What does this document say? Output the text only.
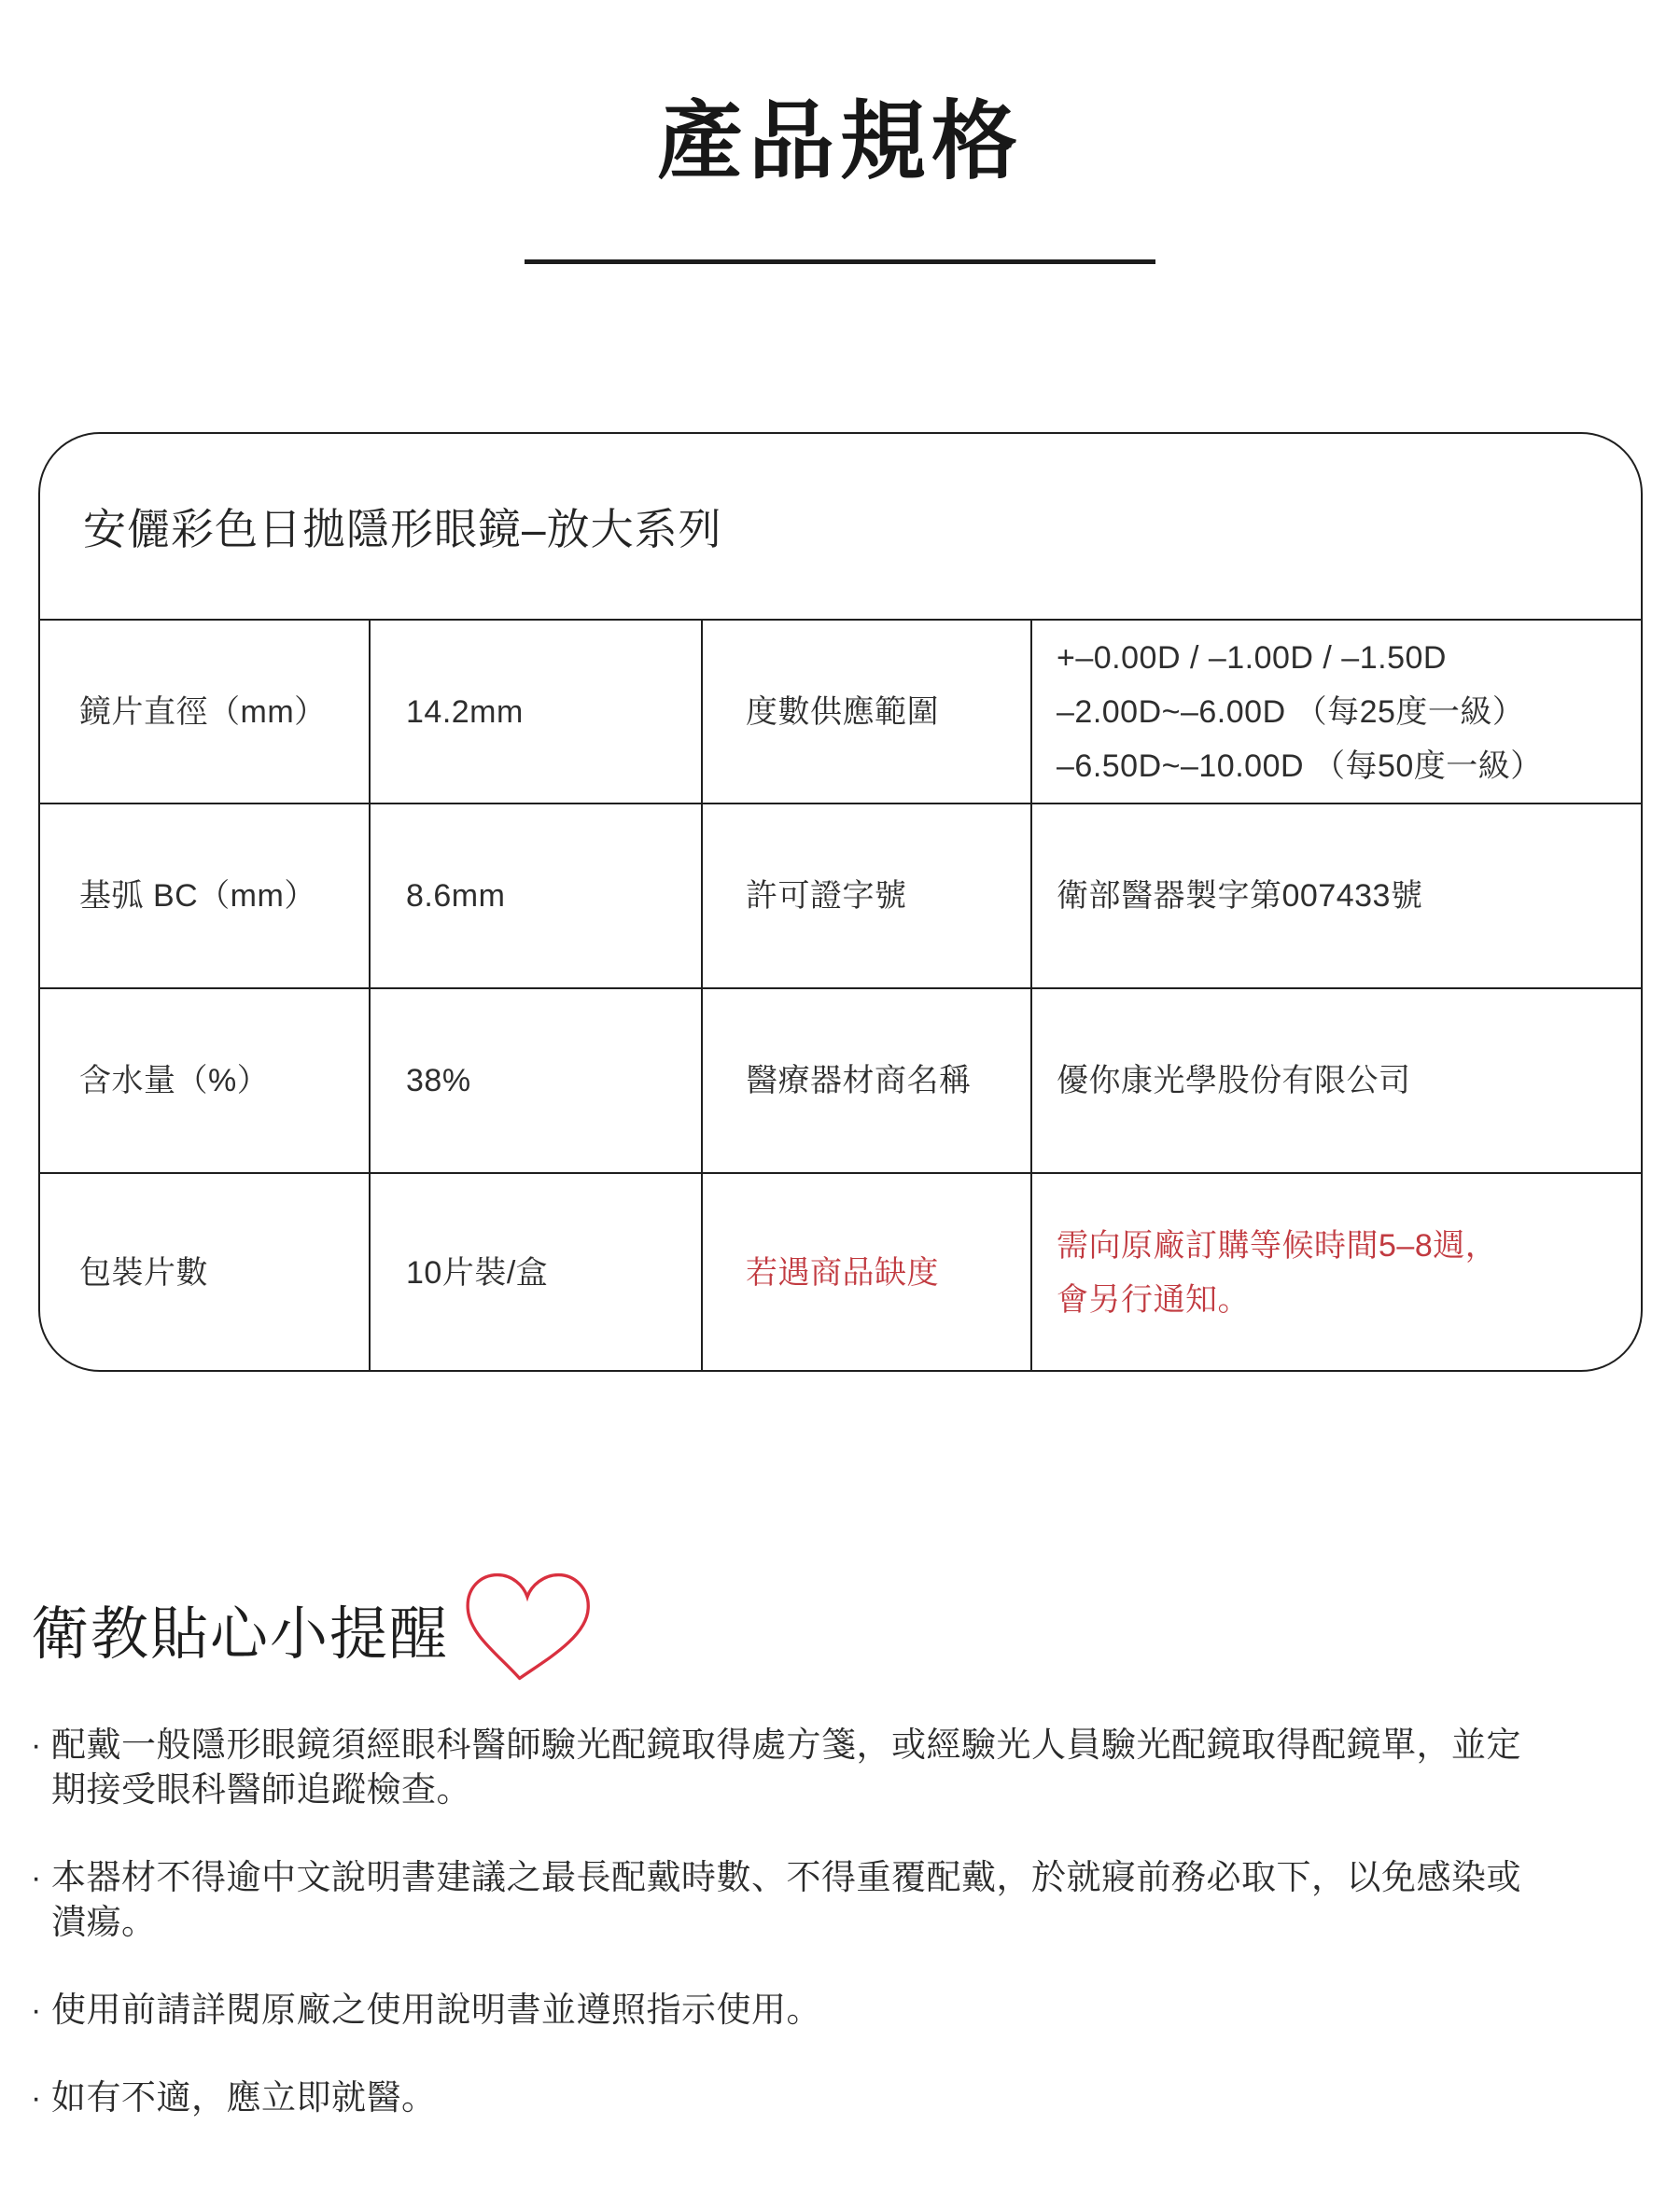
產品規格
安儷彩色日拋隱形眼鏡–放大系列
鏡片直徑（mm）	14.2mm	度數供應範圍
+–0.00D / –1.00D / –1.50D
–2.00D~–6.00D （每25度一級）
–6.50D~–10.00D （每50度一級）
基弧 BC（mm）	8.6mm	許可證字號	衛部醫器製字第007433號
含水量（%）	38%	醫療器材商名稱	優你康光學股份有限公司
包裝片數	10片裝/盒	若遇商品缺度
需向原廠訂購等候時間5–8週，
會另行通知。
衛教貼心小提醒
· 配戴一般隱形眼鏡須經眼科醫師驗光配鏡取得處方箋，或經驗光人員驗光配鏡取得配鏡單，並定
期接受眼科醫師追蹤檢查。
· 本器材不得逾中文說明書建議之最長配戴時數、不得重覆配戴，於就寢前務必取下，以免感染或
潰瘍。
· 使用前請詳閱原廠之使用說明書並遵照指示使用。
· 如有不適，應立即就醫。
